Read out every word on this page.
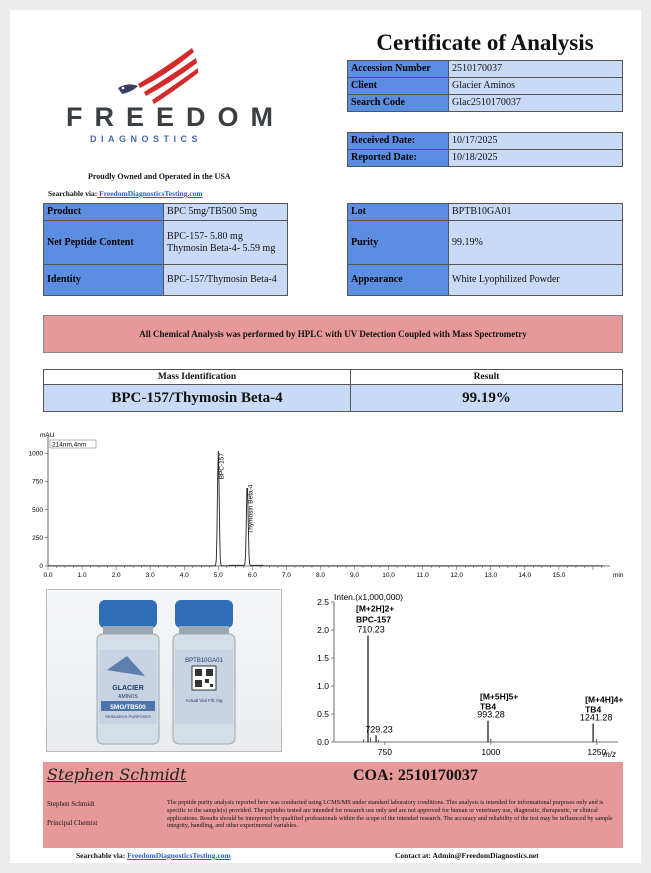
FREEDOM
DIAGNOSTICS
Proudly Owned and Operated in the USA
Searchable via: FreedomDiagnosticsTesting.com
Certificate of Analysis
Accession Number	2510170037
Client	Glacier Aminos
Search Code	Glac2510170037
Received Date:	10/17/2025
Reported Date:	10/18/2025
Product	BPC 5mg/TB500 5mg
Net Peptide Content	BPC-157- 5.80 mg Thymosin Beta-4- 5.59 mg
Identity	BPC-157/Thymosin Beta-4
Lot	BPTB10GA01
Purity	99.19%
Appearance	White Lyophilized Powder
All Chemical Analysis was performed by HPLC with UV Detection Coupled with Mass Spectrometry
Mass Identification	Result
BPC-157/Thymosin Beta-4	99.19%
mAU
214nm,4nm
0
250
500
750
1000
0.0	1.0	2.0	3.0	4.0	5.0	6.0	7.0	8.0	9.0	10.0	11.0	12.0	13.0	14.0	15.0	min
BPC-157
Thymosin Beta-4
GLACIER
AMINOS
5MG/TB500
RESEARCH PURPOSES
BPTB10GA01
Actual Vial Fill: mg
Inten.(x1,000,000)
0.0
0.5
1.0
1.5
2.0
2.5
750	1000	1250
m/z
710.23
[M+2H]2+
BPC-157
729.23
993.28
[M+5H]5+
TB4
1241.28
[M+4H]4+
TB4
Stephen Schmidt	COA: 2510170037
Stephen Schmidt
Principal Chemist
The peptide purity analysis reported here was conducted using LCMS/MS under standard laboratory conditions. This analysis is intended for informational purposes only and is specific to the sample(s) provided. The peptides tested are intended for research use only and are not approved for human or veterinary use, diagnostic, therapeutic, or clinical applications. Results should be interpreted by qualified professionals within the scope of the intended research. The accuracy and reliability of the test may be influenced by sample integrity, handling, and other experimental variables.
Searchable via: FreedomDiagnosticsTesting.com	Contact at: Admin@FreedomDiagnostics.net
